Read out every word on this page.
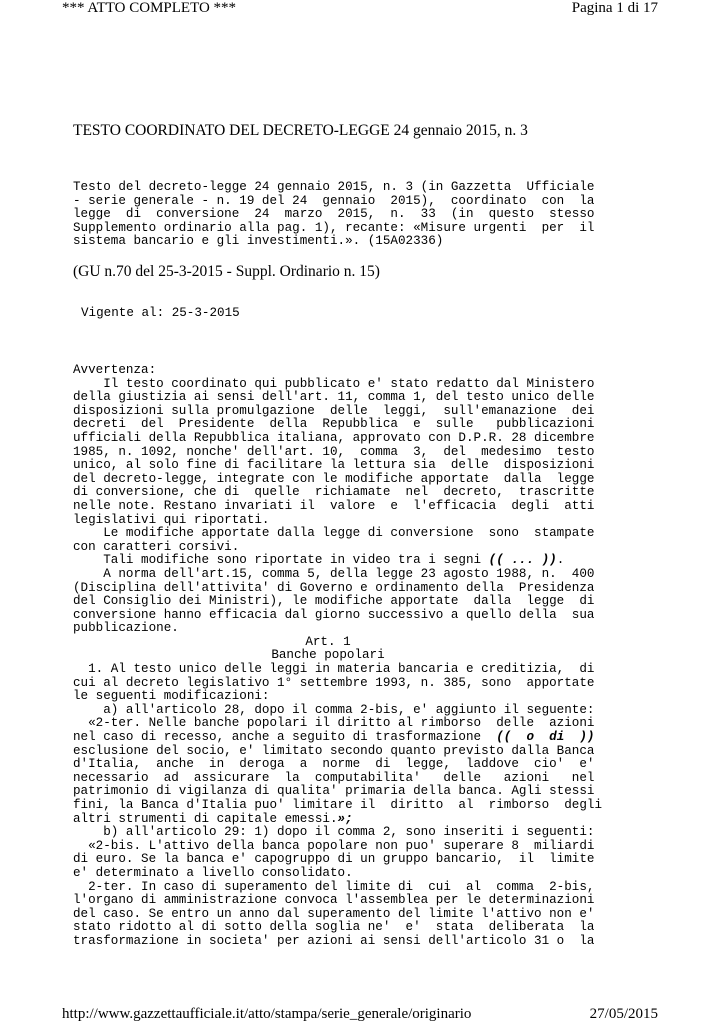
*** ATTO COMPLETO ***	Pagina 1 di 17
TESTO COORDINATO DEL DECRETO-LEGGE 24 gennaio 2015, n. 3
Testo del decreto-legge 24 gennaio 2015, n. 3 (in Gazzetta  Ufficiale
- serie generale - n. 19 del 24  gennaio  2015),  coordinato  con  la
legge  di  conversione  24  marzo  2015,  n.  33  (in  questo  stesso
Supplemento ordinario alla pag. 1), recante: «Misure urgenti  per  il
sistema bancario e gli investimenti.». (15A02336)
(GU n.70 del 25-3-2015 - Suppl. Ordinario n. 15)
Vigente al: 25-3-2015
Avvertenza:
Il testo coordinato qui pubblicato e' stato redatto dal Ministero
della giustizia ai sensi dell'art. 11, comma 1, del testo unico delle
disposizioni sulla promulgazione  delle  leggi,  sull'emanazione  dei
decreti  del  Presidente  della  Repubblica  e  sulle   pubblicazioni
ufficiali della Repubblica italiana, approvato con D.P.R. 28 dicembre
1985, n. 1092, nonche' dell'art. 10,  comma  3,  del  medesimo  testo
unico, al solo fine di facilitare la lettura sia  delle  disposizioni
del decreto-legge, integrate con le modifiche apportate  dalla  legge
di conversione, che di  quelle  richiamate  nel  decreto,  trascritte
nelle note. Restano invariati il  valore  e  l'efficacia  degli  atti
legislativi qui riportati.
Le modifiche apportate dalla legge di conversione  sono  stampate
con caratteri corsivi.
Tali modifiche sono riportate in video tra i segni (( ... )).
A norma dell'art.15, comma 5, della legge 23 agosto 1988, n.  400
(Disciplina dell'attivita' di Governo e ordinamento della  Presidenza
del Consiglio dei Ministri), le modifiche apportate  dalla  legge  di
conversione hanno efficacia dal giorno successivo a quello della  sua
pubblicazione.
Art. 1
Banche popolari
1. Al testo unico delle leggi in materia bancaria e creditizia,  di
cui al decreto legislativo 1° settembre 1993, n. 385, sono  apportate
le seguenti modificazioni:
a) all'articolo 28, dopo il comma 2-bis, e' aggiunto il seguente:
«2-ter. Nelle banche popolari il diritto al rimborso  delle  azioni
nel caso di recesso, anche a seguito di trasformazione  ((  o  di  ))
esclusione del socio, e' limitato secondo quanto previsto dalla Banca
d'Italia,  anche  in  deroga  a  norme  di  legge,  laddove  cio'  e'
necessario  ad  assicurare  la  computabilita'   delle   azioni   nel
patrimonio di vigilanza di qualita' primaria della banca. Agli stessi
fini, la Banca d'Italia puo' limitare il  diritto  al  rimborso  degli
altri strumenti di capitale emessi.»;
b) all'articolo 29: 1) dopo il comma 2, sono inseriti i seguenti:
«2-bis. L'attivo della banca popolare non puo' superare 8  miliardi
di euro. Se la banca e' capogruppo di un gruppo bancario,  il  limite
e' determinato a livello consolidato.
2-ter. In caso di superamento del limite di  cui  al  comma  2-bis,
l'organo di amministrazione convoca l'assemblea per le determinazioni
del caso. Se entro un anno dal superamento del limite l'attivo non e'
stato ridotto al di sotto della soglia ne'  e'  stata  deliberata  la
trasformazione in societa' per azioni ai sensi dell'articolo 31 o  la
http://www.gazzettaufficiale.it/atto/stampa/serie_generale/originario	27/05/2015
